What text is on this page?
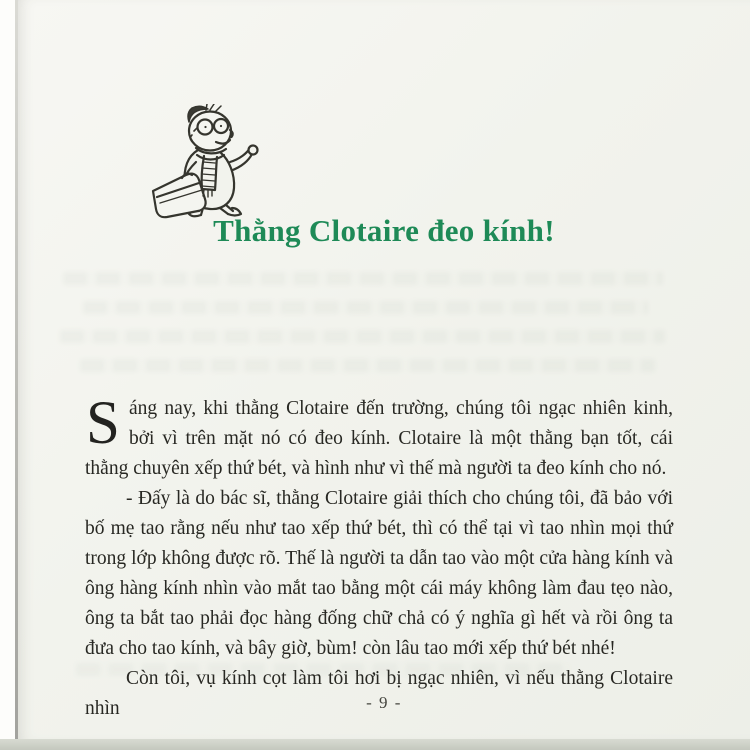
Thằng Clotaire đeo kính!

Sáng nay, khi thằng Clotaire đến trường, chúng tôi ngạc nhiên kinh, bởi vì trên mặt nó có đeo kính. Clotaire là một thằng bạn tốt, cái thằng chuyên xếp thứ bét, và hình như vì thế mà người ta đeo kính cho nó.

- Đấy là do bác sĩ, thằng Clotaire giải thích cho chúng tôi, đã bảo với bố mẹ tao rằng nếu như tao xếp thứ bét, thì có thể tại vì tao nhìn mọi thứ trong lớp không được rõ. Thế là người ta dẫn tao vào một cửa hàng kính và ông hàng kính nhìn vào mắt tao bằng một cái máy không làm đau tẹo nào, ông ta bắt tao phải đọc hàng đống chữ chả có ý nghĩa gì hết và rồi ông ta đưa cho tao kính, và bây giờ, bùm! còn lâu tao mới xếp thứ bét nhé!

Còn tôi, vụ kính cọt làm tôi hơi bị ngạc nhiên, vì nếu thằng Clotaire nhìn	- 9 -
